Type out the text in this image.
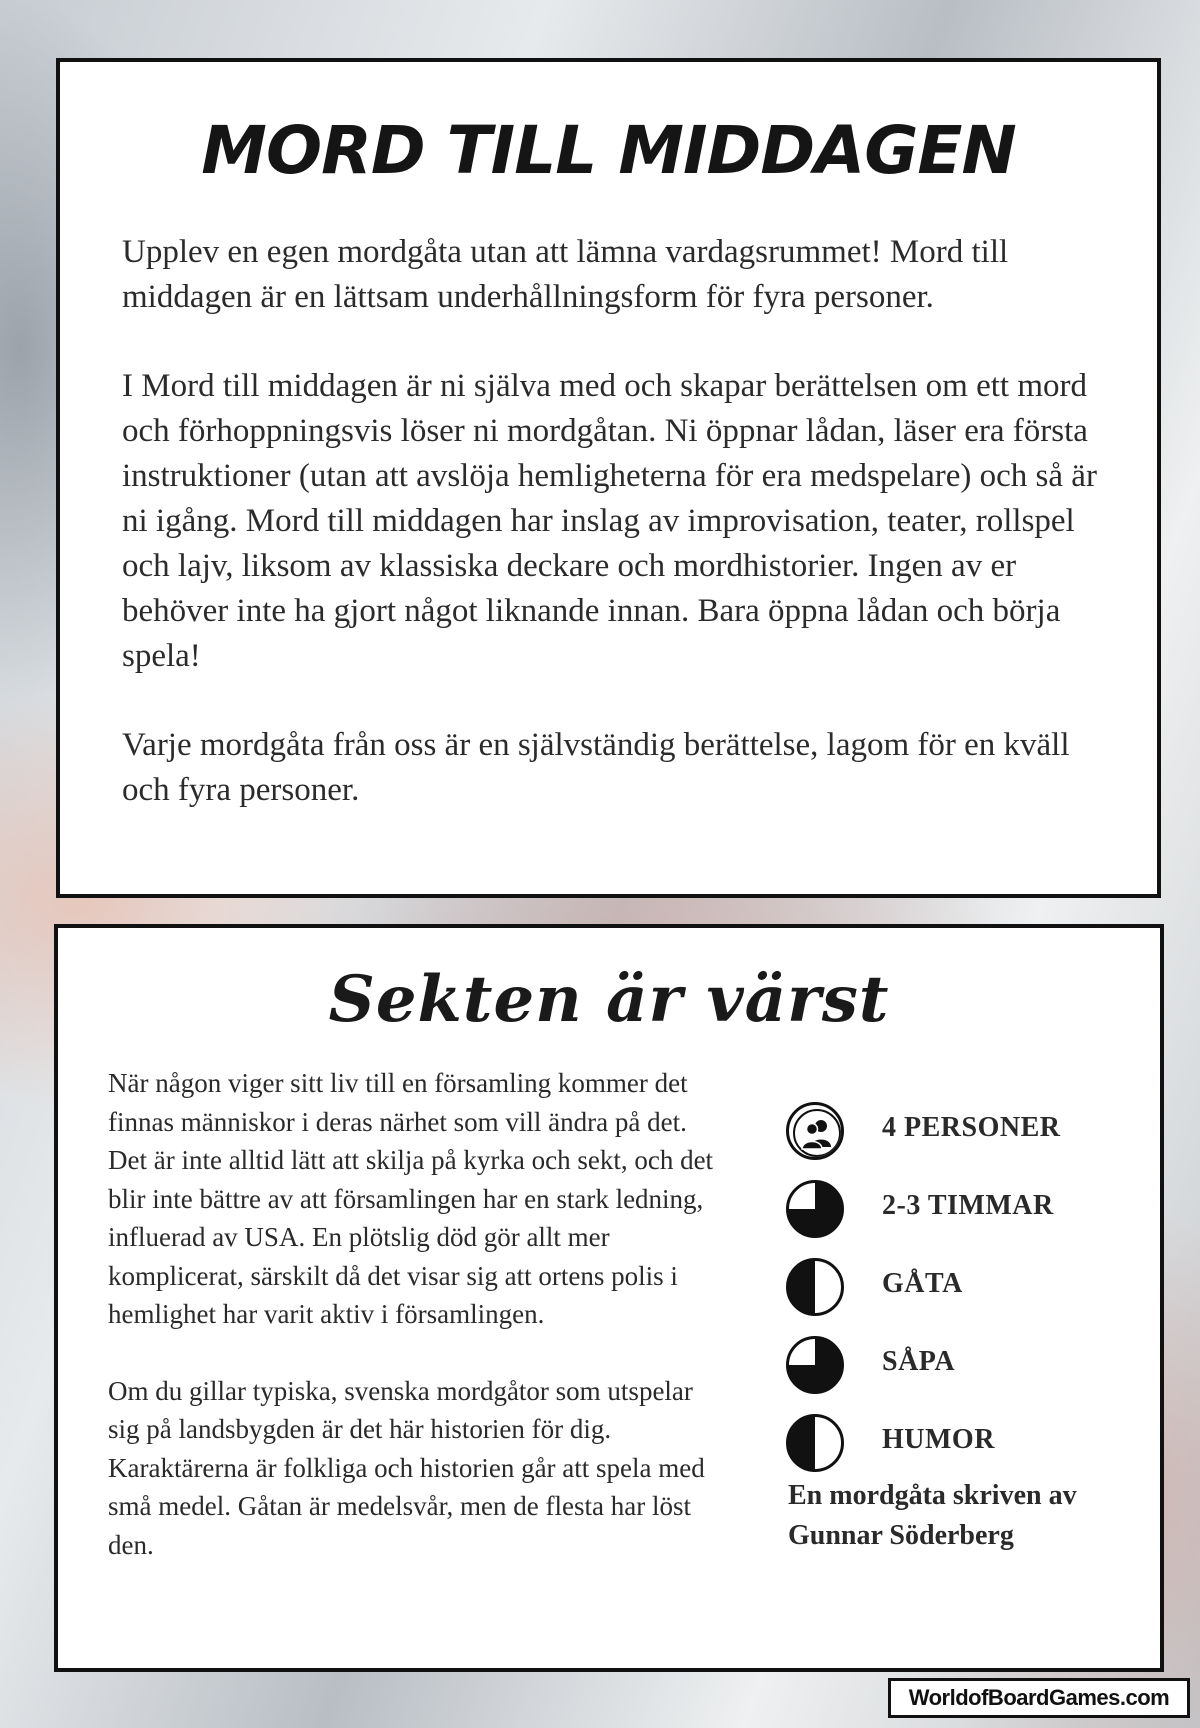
MORD TILL MIDDAGEN

Upplev en egen mordgåta utan att lämna vardagsrummet! Mord till middagen är en lättsam underhållningsform för fyra personer.

I Mord till middagen är ni själva med och skapar berättelsen om ett mord och förhoppningsvis löser ni mordgåtan. Ni öppnar lådan, läser era första instruktioner (utan att avslöja hemligheterna för era medspelare) och så är ni igång. Mord till middagen har inslag av improvisation, teater, rollspel och lajv, liksom av klassiska deckare och mordhistorier. Ingen av er behöver inte ha gjort något liknande innan. Bara öppna lådan och börja spela!

Varje mordgåta från oss är en självständig berättelse, lagom för en kväll och fyra personer.

Sekten är värst

När någon viger sitt liv till en församling kommer det finnas människor i deras närhet som vill ändra på det. Det är inte alltid lätt att skilja på kyrka och sekt, och det blir inte bättre av att församlingen har en stark ledning, influerad av USA. En plötslig död gör allt mer komplicerat, särskilt då det visar sig att ortens polis i hemlighet har varit aktiv i församlingen.

Om du gillar typiska, svenska mordgåtor som utspelar sig på landsbygden är det här historien för dig. Karaktärerna är folkliga och historien går att spela med små medel. Gåtan är medelsvår, men de flesta har löst den.

4 PERSONER
2-3 TIMMAR
GÅTA
SÅPA
HUMOR
En mordgåta skriven av
Gunnar Söderberg
WorldofBoardGames.com
